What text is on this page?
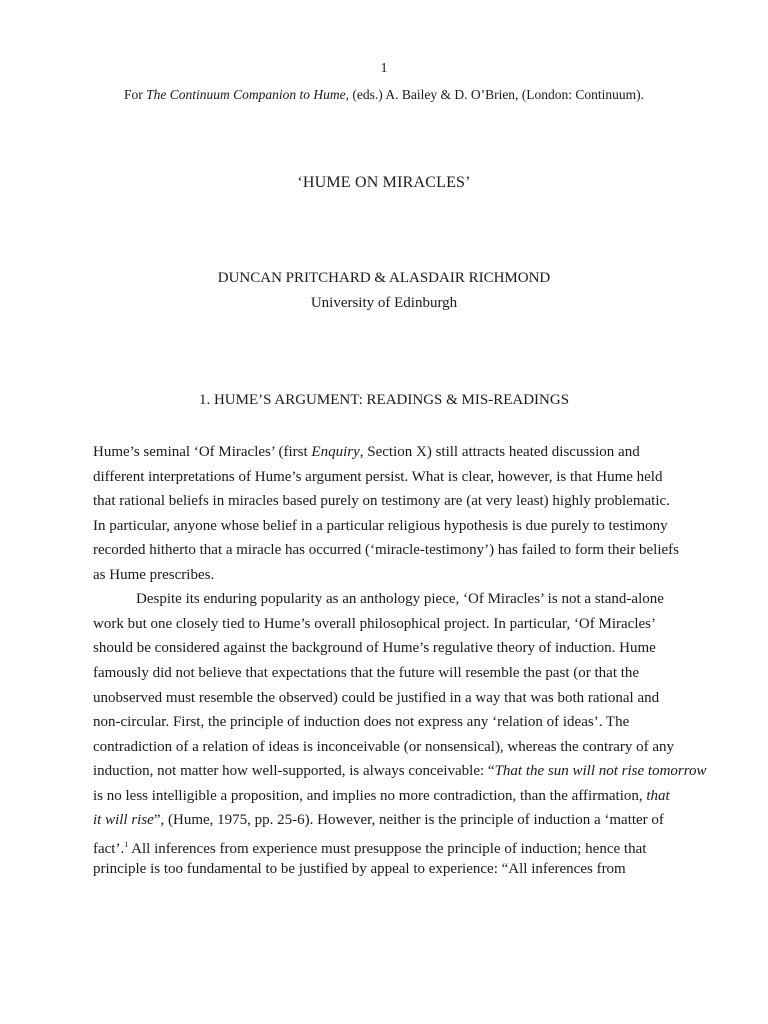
1
For The Continuum Companion to Hume, (eds.) A. Bailey & D. O’Brien, (London: Continuum).
‘HUME ON MIRACLES’
DUNCAN PRITCHARD & ALASDAIR RICHMOND
University of Edinburgh
1. HUME’S ARGUMENT: READINGS & MIS-READINGS
Hume’s seminal ‘Of Miracles’ (first Enquiry, Section X) still attracts heated discussion and
different interpretations of Hume’s argument persist. What is clear, however, is that Hume held
that rational beliefs in miracles based purely on testimony are (at very least) highly problematic.
In particular, anyone whose belief in a particular religious hypothesis is due purely to testimony
recorded hitherto that a miracle has occurred (‘miracle-testimony’) has failed to form their beliefs
as Hume prescribes.
Despite its enduring popularity as an anthology piece, ‘Of Miracles’ is not a stand-alone
work but one closely tied to Hume’s overall philosophical project. In particular, ‘Of Miracles’
should be considered against the background of Hume’s regulative theory of induction. Hume
famously did not believe that expectations that the future will resemble the past (or that the
unobserved must resemble the observed) could be justified in a way that was both rational and
non-circular. First, the principle of induction does not express any ‘relation of ideas’. The
contradiction of a relation of ideas is inconceivable (or nonsensical), whereas the contrary of any
induction, not matter how well-supported, is always conceivable: “That the sun will not rise tomorrow
is no less intelligible a proposition, and implies no more contradiction, than the affirmation, that
it will rise”, (Hume, 1975, pp. 25-6). However, neither is the principle of induction a ‘matter of
fact’.$^1$ All inferences from experience must presuppose the principle of induction; hence that
principle is too fundamental to be justified by appeal to experience: “All inferences from
